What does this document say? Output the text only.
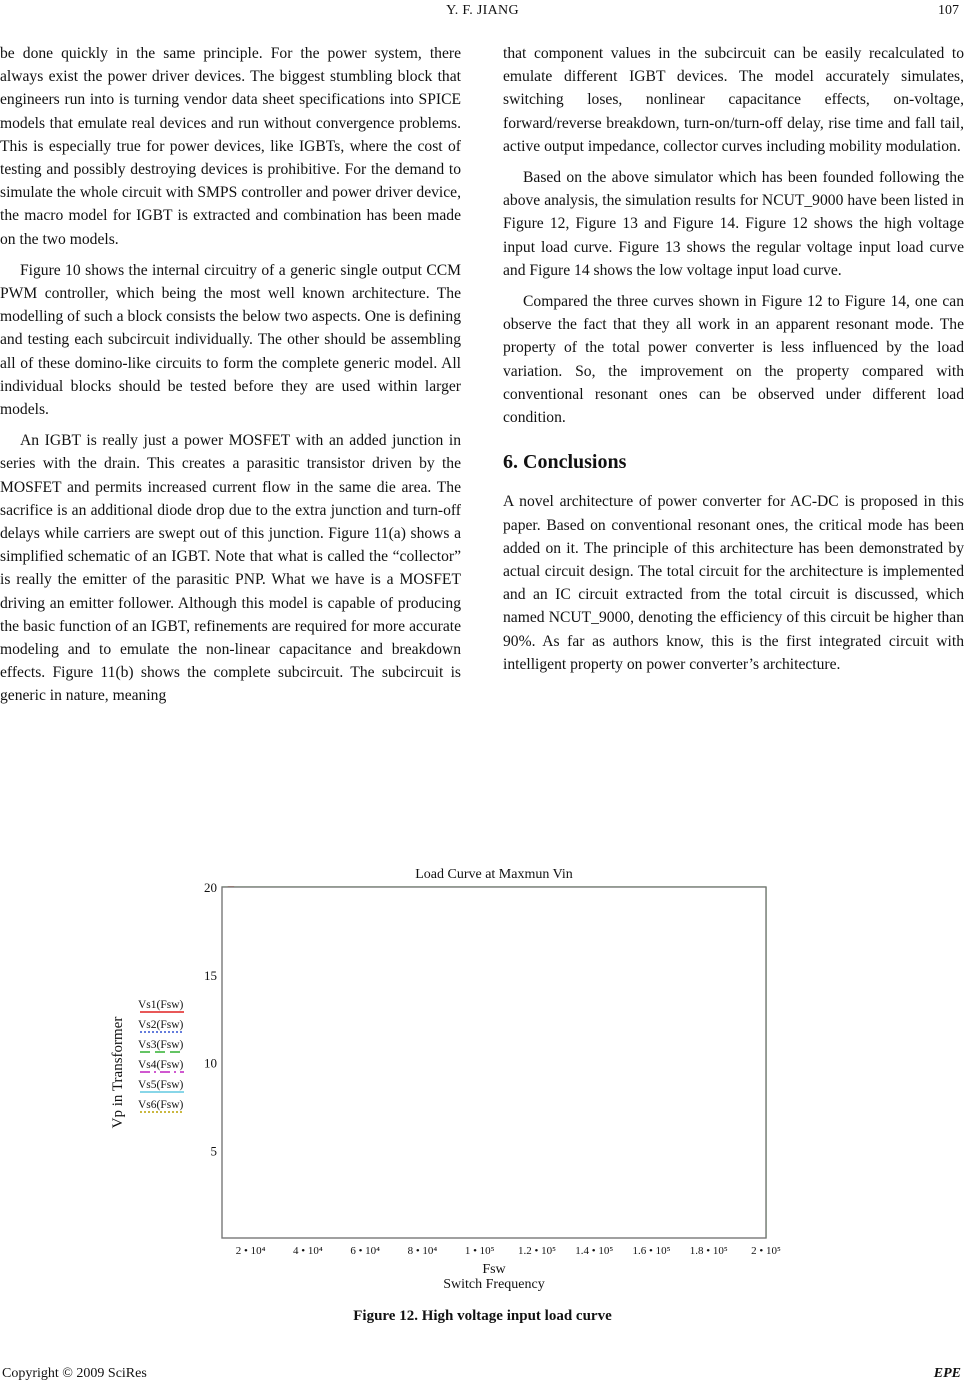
Y. F. JIANG	107

be done quickly in the same principle. For the power system, there always exist the power driver devices. The biggest stumbling block that engineers run into is turning vendor data sheet specifications into SPICE models that emulate real devices and run without convergence problems. This is especially true for power devices, like IGBTs, where the cost of testing and possibly destroying devices is prohibitive. For the demand to simulate the whole circuit with SMPS controller and power driver device, the macro model for IGBT is extracted and combination has been made on the two models.

Figure 10 shows the internal circuitry of a generic single output CCM PWM controller, which being the most well known architecture. The modelling of such a block consists the below two aspects. One is defining and testing each subcircuit individually. The other should be assembling all of these domino-like circuits to form the complete generic model. All individual blocks should be tested before they are used within larger models.

An IGBT is really just a power MOSFET with an added junction in series with the drain. This creates a parasitic transistor driven by the MOSFET and permits increased current flow in the same die area. The sacrifice is an additional diode drop due to the extra junction and turn-off delays while carriers are swept out of this junction. Figure 11(a) shows a simplified schematic of an IGBT. Note that what is called the “collector” is really the emitter of the parasitic PNP. What we have is a MOSFET driving an emitter follower. Although this model is capable of producing the basic function of an IGBT, refinements are required for more accurate modeling and to emulate the non-linear capacitance and breakdown effects. Figure 11(b) shows the complete subcircuit. The subcircuit is generic in nature, meaning

that component values in the subcircuit can be easily recalculated to emulate different IGBT devices. The model accurately simulates, switching loses, nonlinear capacitance effects, on-voltage, forward/reverse breakdown, turn-on/turn-off delay, rise time and fall tail, active output impedance, collector curves including mobility modulation.

Based on the above simulator which has been founded following the above analysis, the simulation results for NCUT_9000 have been listed in Figure 12, Figure 13 and Figure 14. Figure 12 shows the high voltage input load curve. Figure 13 shows the regular voltage input load curve and Figure 14 shows the low voltage input load curve.

Compared the three curves shown in Figure 12 to Figure 14, one can observe the fact that they all work in an apparent resonant mode. The property of the total power converter is less influenced by the load variation. So, the improvement on the property compared with conventional resonant ones can be observed under different load condition.

6. Conclusions

A novel architecture of power converter for AC-DC is proposed in this paper. Based on conventional resonant ones, the critical mode has been added on it. The principle of this architecture has been demonstrated by actual circuit design. The total circuit for the architecture is implemented and an IC circuit extracted from the total circuit is discussed, which named NCUT_9000, denoting the efficiency of this circuit be higher than 90%. As far as authors know, this is the first integrated circuit with intelligent property on power converter’s architecture.

Vs1(Fsw)
Vs2(Fsw)
Vs3(Fsw)
Vs4(Fsw)
Vs5(Fsw)
Vs6(Fsw)
5
10
15
20
2 • 10⁴	4 • 10⁴	6 • 10⁴	8 • 10⁴	1 • 10⁵ 1.2 • 10⁵ 1.4 • 10⁵ 1.6 • 10⁵ 1.8 • 10⁵ 2 • 10⁵
Load Curve at Maxmun Vin
Fsw
Switch Frequency
Vp in Transformer
Figure 12. High voltage input load curve
Copyright © 2009 SciRes	EPE
